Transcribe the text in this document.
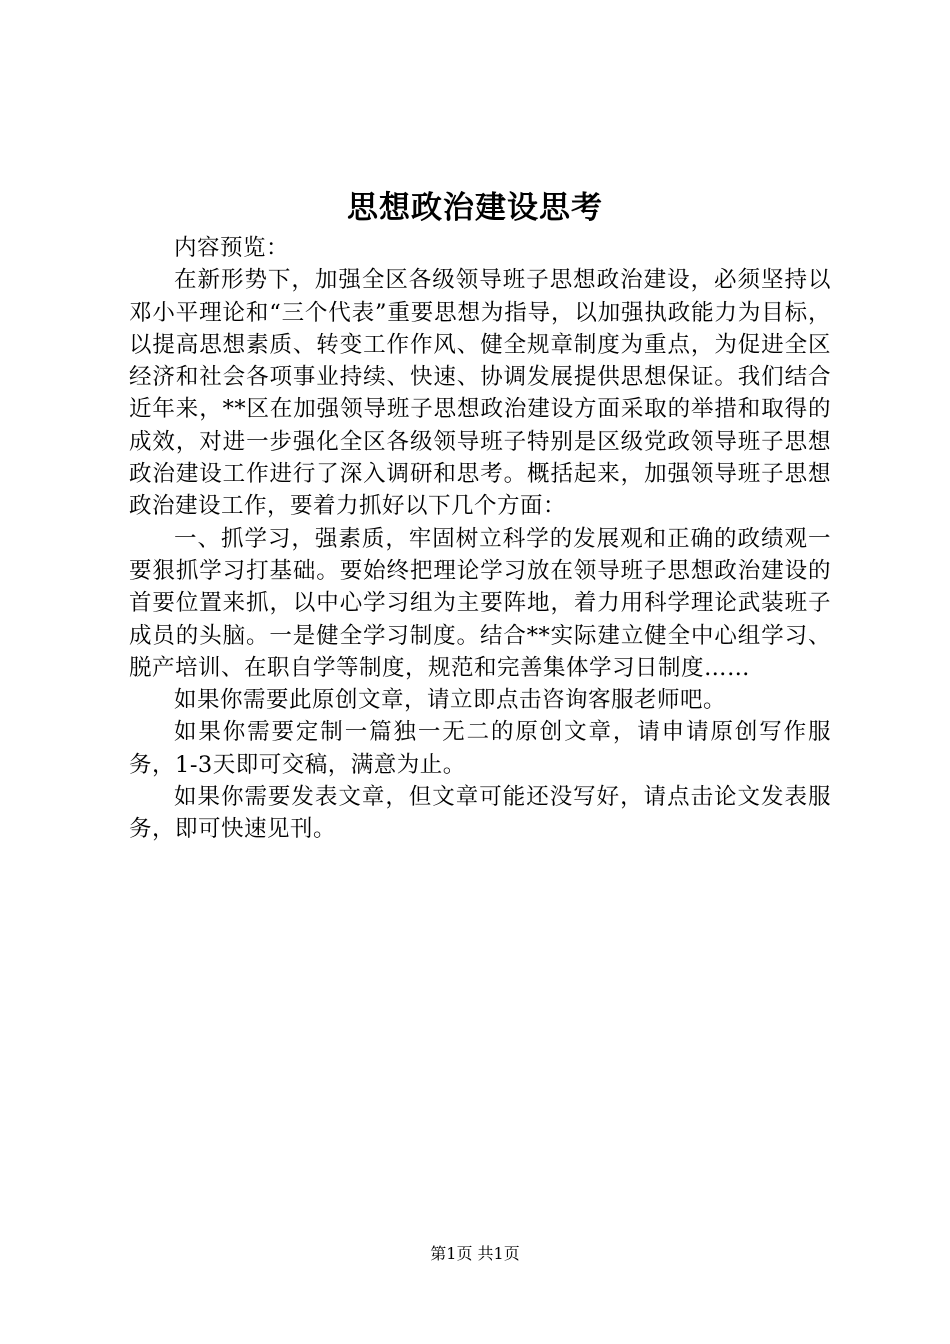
思想政治建设思考

内容预览：

在新形势下，加强全区各级领导班子思想政治建设，必须坚持以邓小平理论和“三个代表”重要思想为指导，以加强执政能力为目标，以提高思想素质、转变工作作风、健全规章制度为重点，为促进全区经济和社会各项事业持续、快速、协调发展提供思想保证。我们结合近年来，**区在加强领导班子思想政治建设方面采取的举措和取得的成效，对进一步强化全区各级领导班子特别是区级党政领导班子思想政治建设工作进行了深入调研和思考。概括起来，加强领导班子思想政治建设工作，要着力抓好以下几个方面：

一、抓学习，强素质，牢固树立科学的发展观和正确的政绩观一要狠抓学习打基础。要始终把理论学习放在领导班子思想政治建设的首要位置来抓，以中心学习组为主要阵地，着力用科学理论武装班子成员的头脑。一是健全学习制度。结合**实际建立健全中心组学习、脱产培训、在职自学等制度，规范和完善集体学习日制度……

如果你需要此原创文章，请立即点击咨询客服老师吧。

如果你需要定制一篇独一无二的原创文章，请申请原创写作服务，1-3天即可交稿，满意为止。

如果你需要发表文章，但文章可能还没写好，请点击论文发表服务，即可快速见刊。

第1页 共1页
